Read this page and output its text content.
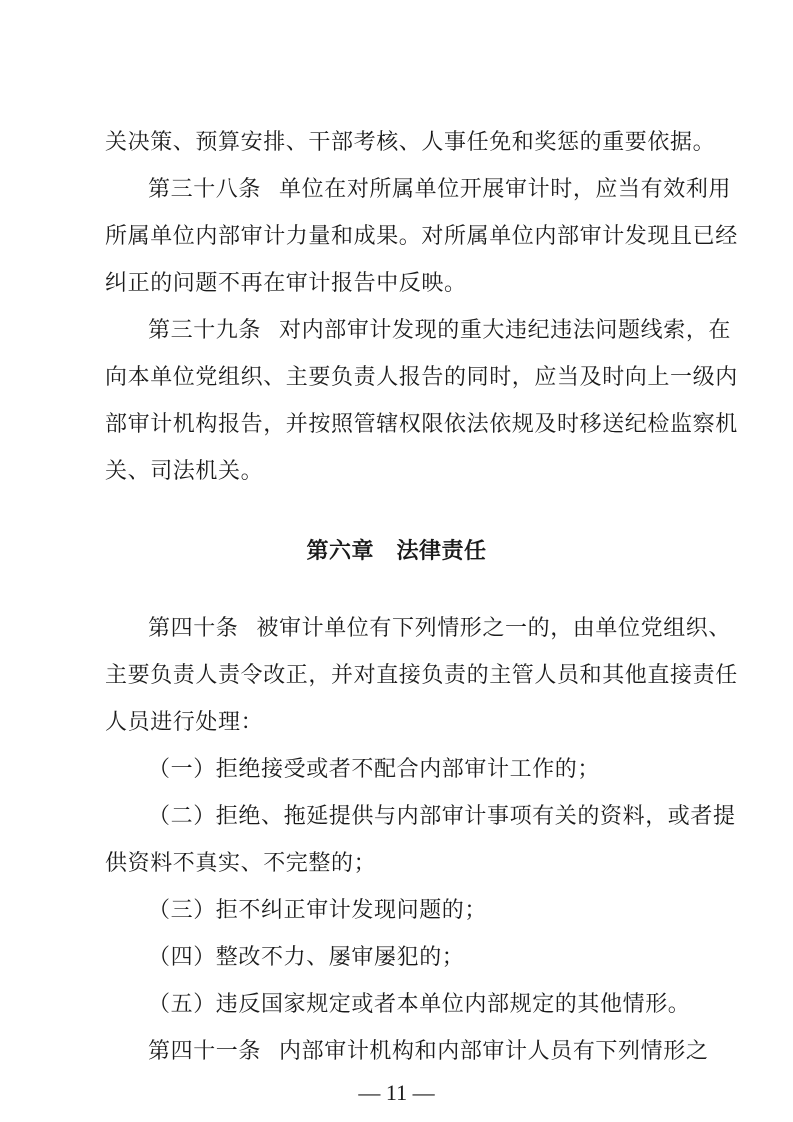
关决策、预算安排、干部考核、人事任免和奖惩的重要依据。
第三十八条 单位在对所属单位开展审计时，应当有效利用
所属单位内部审计力量和成果。对所属单位内部审计发现且已经
纠正的问题不再在审计报告中反映。
第三十九条 对内部审计发现的重大违纪违法问题线索，在
向本单位党组织、主要负责人报告的同时，应当及时向上一级内
部审计机构报告，并按照管辖权限依法依规及时移送纪检监察机
关、司法机关。
第六章　法律责任
第四十条 被审计单位有下列情形之一的，由单位党组织、
主要负责人责令改正，并对直接负责的主管人员和其他直接责任
人员进行处理：
（一）拒绝接受或者不配合内部审计工作的；
（二）拒绝、拖延提供与内部审计事项有关的资料，或者提
供资料不真实、不完整的；
（三）拒不纠正审计发现问题的；
（四）整改不力、屡审屡犯的；
（五）违反国家规定或者本单位内部规定的其他情形。
第四十一条 内部审计机构和内部审计人员有下列情形之
— 11 —
